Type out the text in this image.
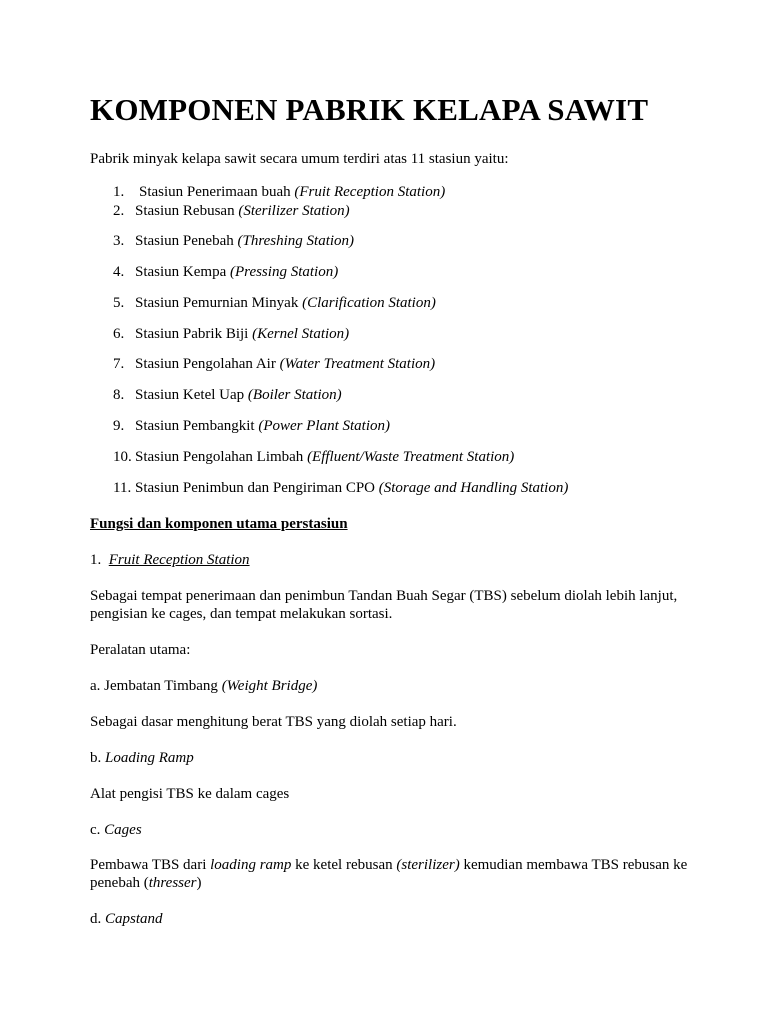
KOMPONEN PABRIK KELAPA SAWIT
Pabrik minyak kelapa sawit secara umum terdiri atas 11 stasiun yaitu:
1. Stasiun Penerimaan buah (Fruit Reception Station)
2. Stasiun Rebusan (Sterilizer Station)
3. Stasiun Penebah (Threshing Station)
4. Stasiun Kempa (Pressing Station)
5. Stasiun Pemurnian Minyak (Clarification Station)
6. Stasiun Pabrik Biji (Kernel Station)
7. Stasiun Pengolahan Air (Water Treatment Station)
8. Stasiun Ketel Uap (Boiler Station)
9. Stasiun Pembangkit (Power Plant Station)
10. Stasiun Pengolahan Limbah (Effluent/Waste Treatment Station)
11. Stasiun Penimbun dan Pengiriman CPO (Storage and Handling Station)
Fungsi dan komponen utama perstasiun
1. Fruit Reception Station
Sebagai tempat penerimaan dan penimbun Tandan Buah Segar (TBS) sebelum diolah lebih lanjut, pengisian ke cages, dan tempat melakukan sortasi.
Peralatan utama:
a. Jembatan Timbang (Weight Bridge)
Sebagai dasar menghitung berat TBS yang diolah setiap hari.
b. Loading Ramp
Alat pengisi TBS ke dalam cages
c. Cages
Pembawa TBS dari loading ramp ke ketel rebusan (sterilizer) kemudian membawa TBS rebusan ke penebah (thresser)
d. Capstand
